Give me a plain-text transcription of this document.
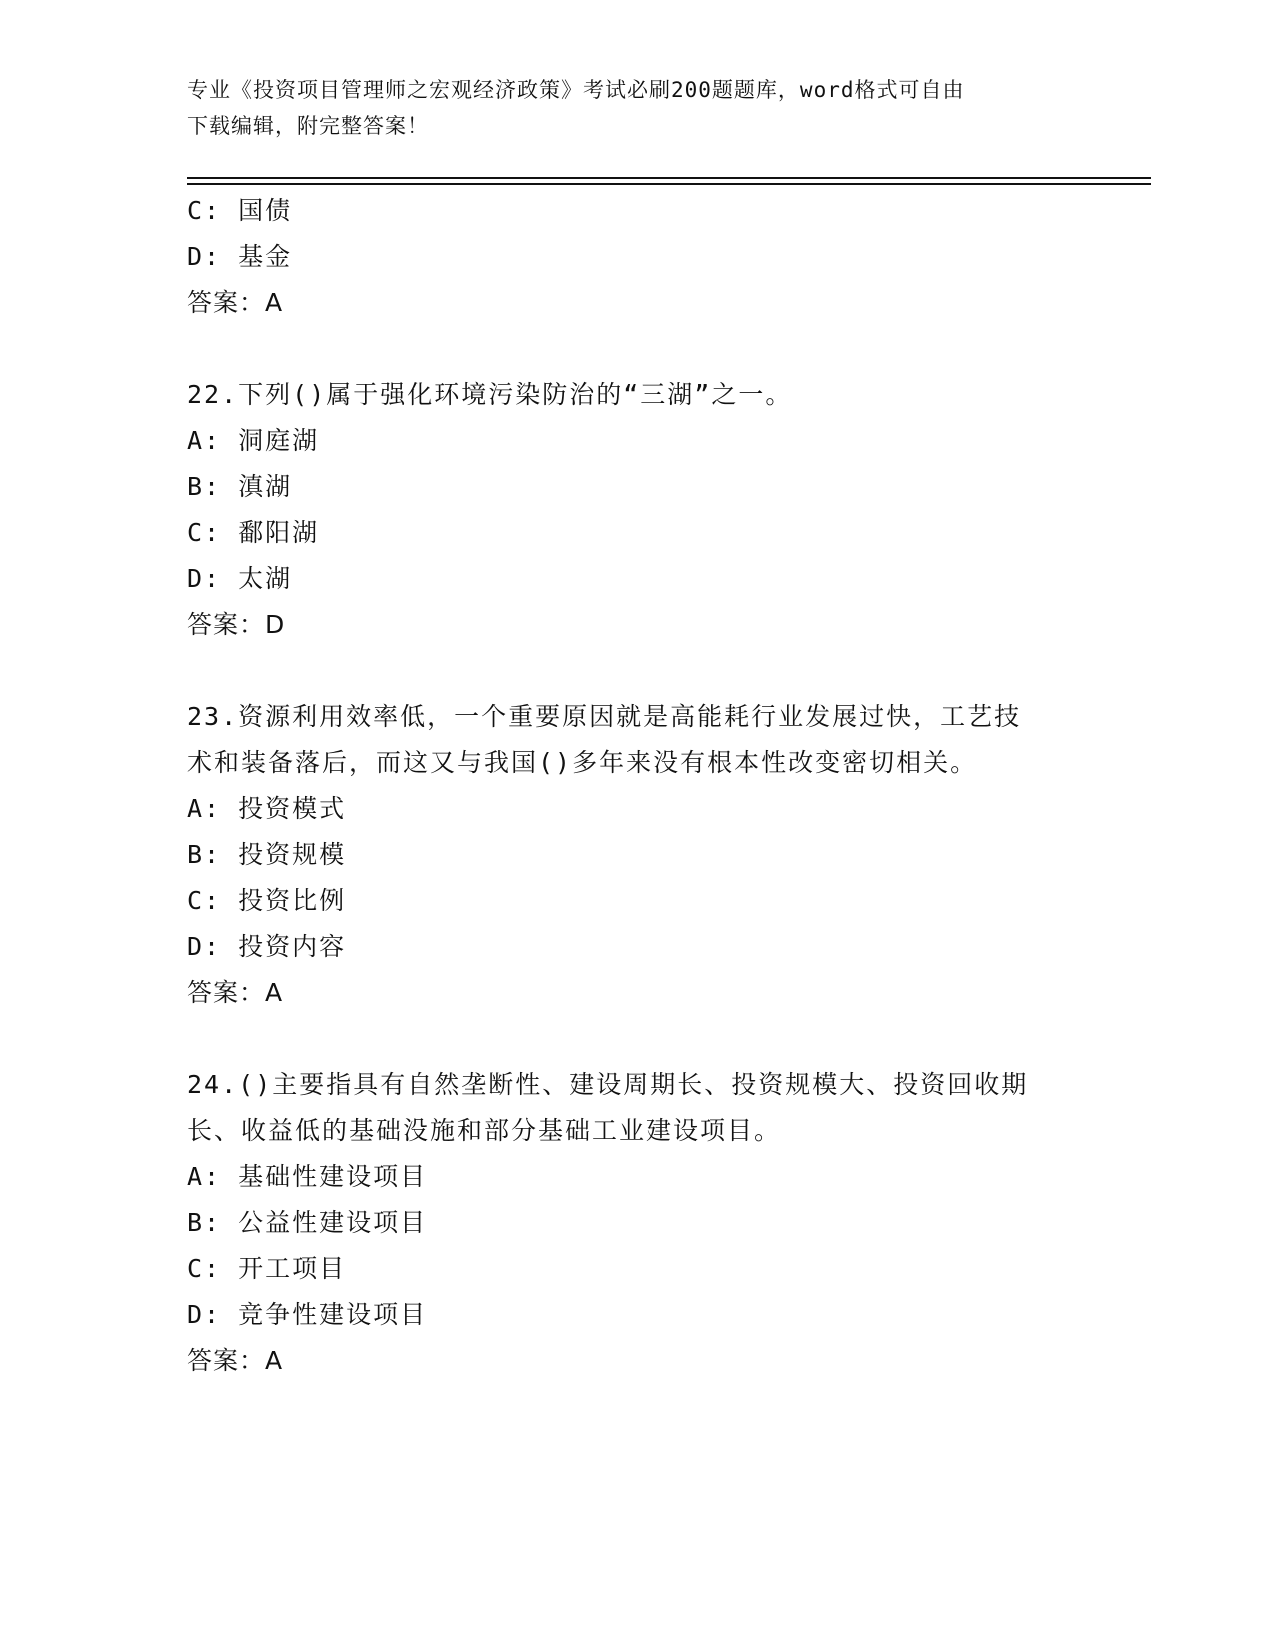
专业《投资项目管理师之宏观经济政策》考试必刷200题题库，word格式可自由
下载编辑，附完整答案！
C: 国债
D: 基金
答案：A
22.下列()属于强化环境污染防治的“三湖”之一。
A: 洞庭湖
B: 滇湖
C: 鄱阳湖
D: 太湖
答案：D
23.资源利用效率低，一个重要原因就是高能耗行业发展过快，工艺技
术和装备落后，而这又与我国()多年来没有根本性改变密切相关。
A: 投资模式
B: 投资规模
C: 投资比例
D: 投资内容
答案：A
24.()主要指具有自然垄断性、建设周期长、投资规模大、投资回收期
长、收益低的基础没施和部分基础工业建设项目。
A: 基础性建设项目
B: 公益性建设项目
C: 开工项目
D: 竞争性建设项目
答案：A
